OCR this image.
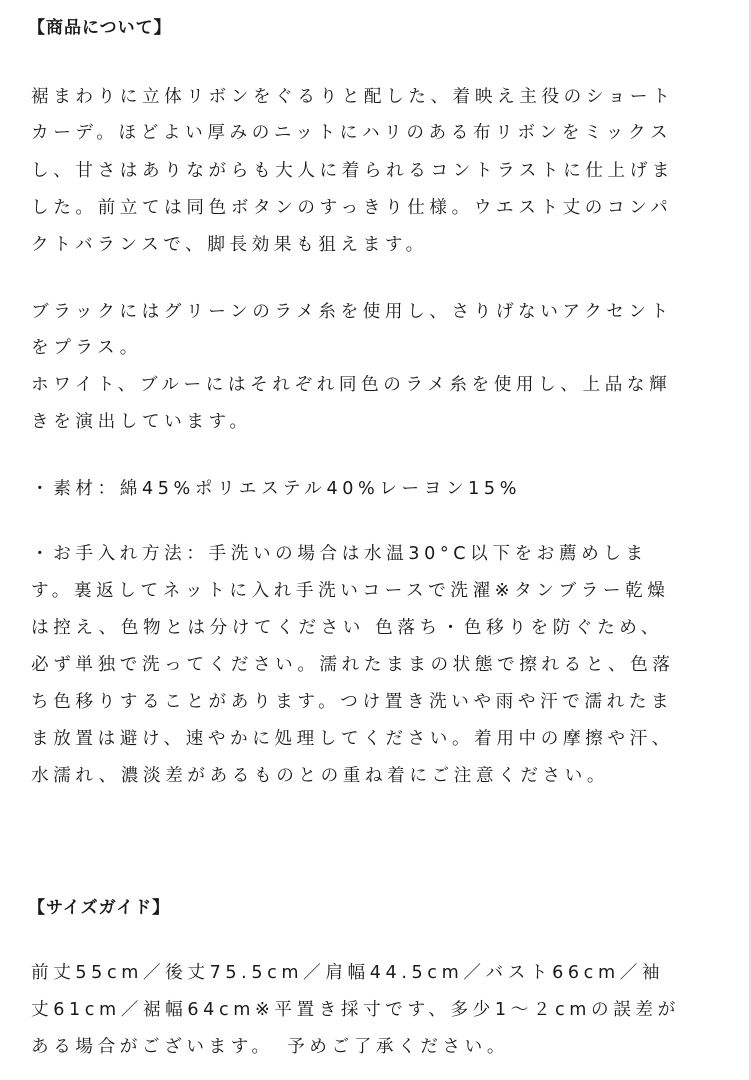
【商品について】
裾まわりに立体リボンをぐるりと配した、着映え主役のショート
カーデ。ほどよい厚みのニットにハリのある布リボンをミックス
し、甘さはありながらも大人に着られるコントラストに仕上げま
した。前立ては同色ボタンのすっきり仕様。ウエスト丈のコンパ
クトバランスで、脚長効果も狙えます。
ブラックにはグリーンのラメ糸を使用し、さりげないアクセント
をプラス。
ホワイト、ブルーにはそれぞれ同色のラメ糸を使用し、上品な輝
きを演出しています。
・素材：綿45%ポリエステル40%レーヨン15%
・お手入れ方法：手洗いの場合は水温30°C以下をお薦めしま
す。裏返してネットに入れ手洗いコースで洗濯※タンブラー乾燥
は控え、色物とは分けてください 色落ち・色移りを防ぐため、
必ず単独で洗ってください。濡れたままの状態で擦れると、色落
ち色移りすることがあります。つけ置き洗いや雨や汗で濡れたま
ま放置は避け、速やかに処理してください。着用中の摩擦や汗、
水濡れ、濃淡差があるものとの重ね着にご注意ください。
【サイズガイド】
前丈55cm／後丈75.5cm／肩幅44.5cm／バスト66cm／袖
丈61cm／裾幅64cm※平置き採寸です、多少1〜２cmの誤差が
ある場合がございます。　予めご了承ください。
